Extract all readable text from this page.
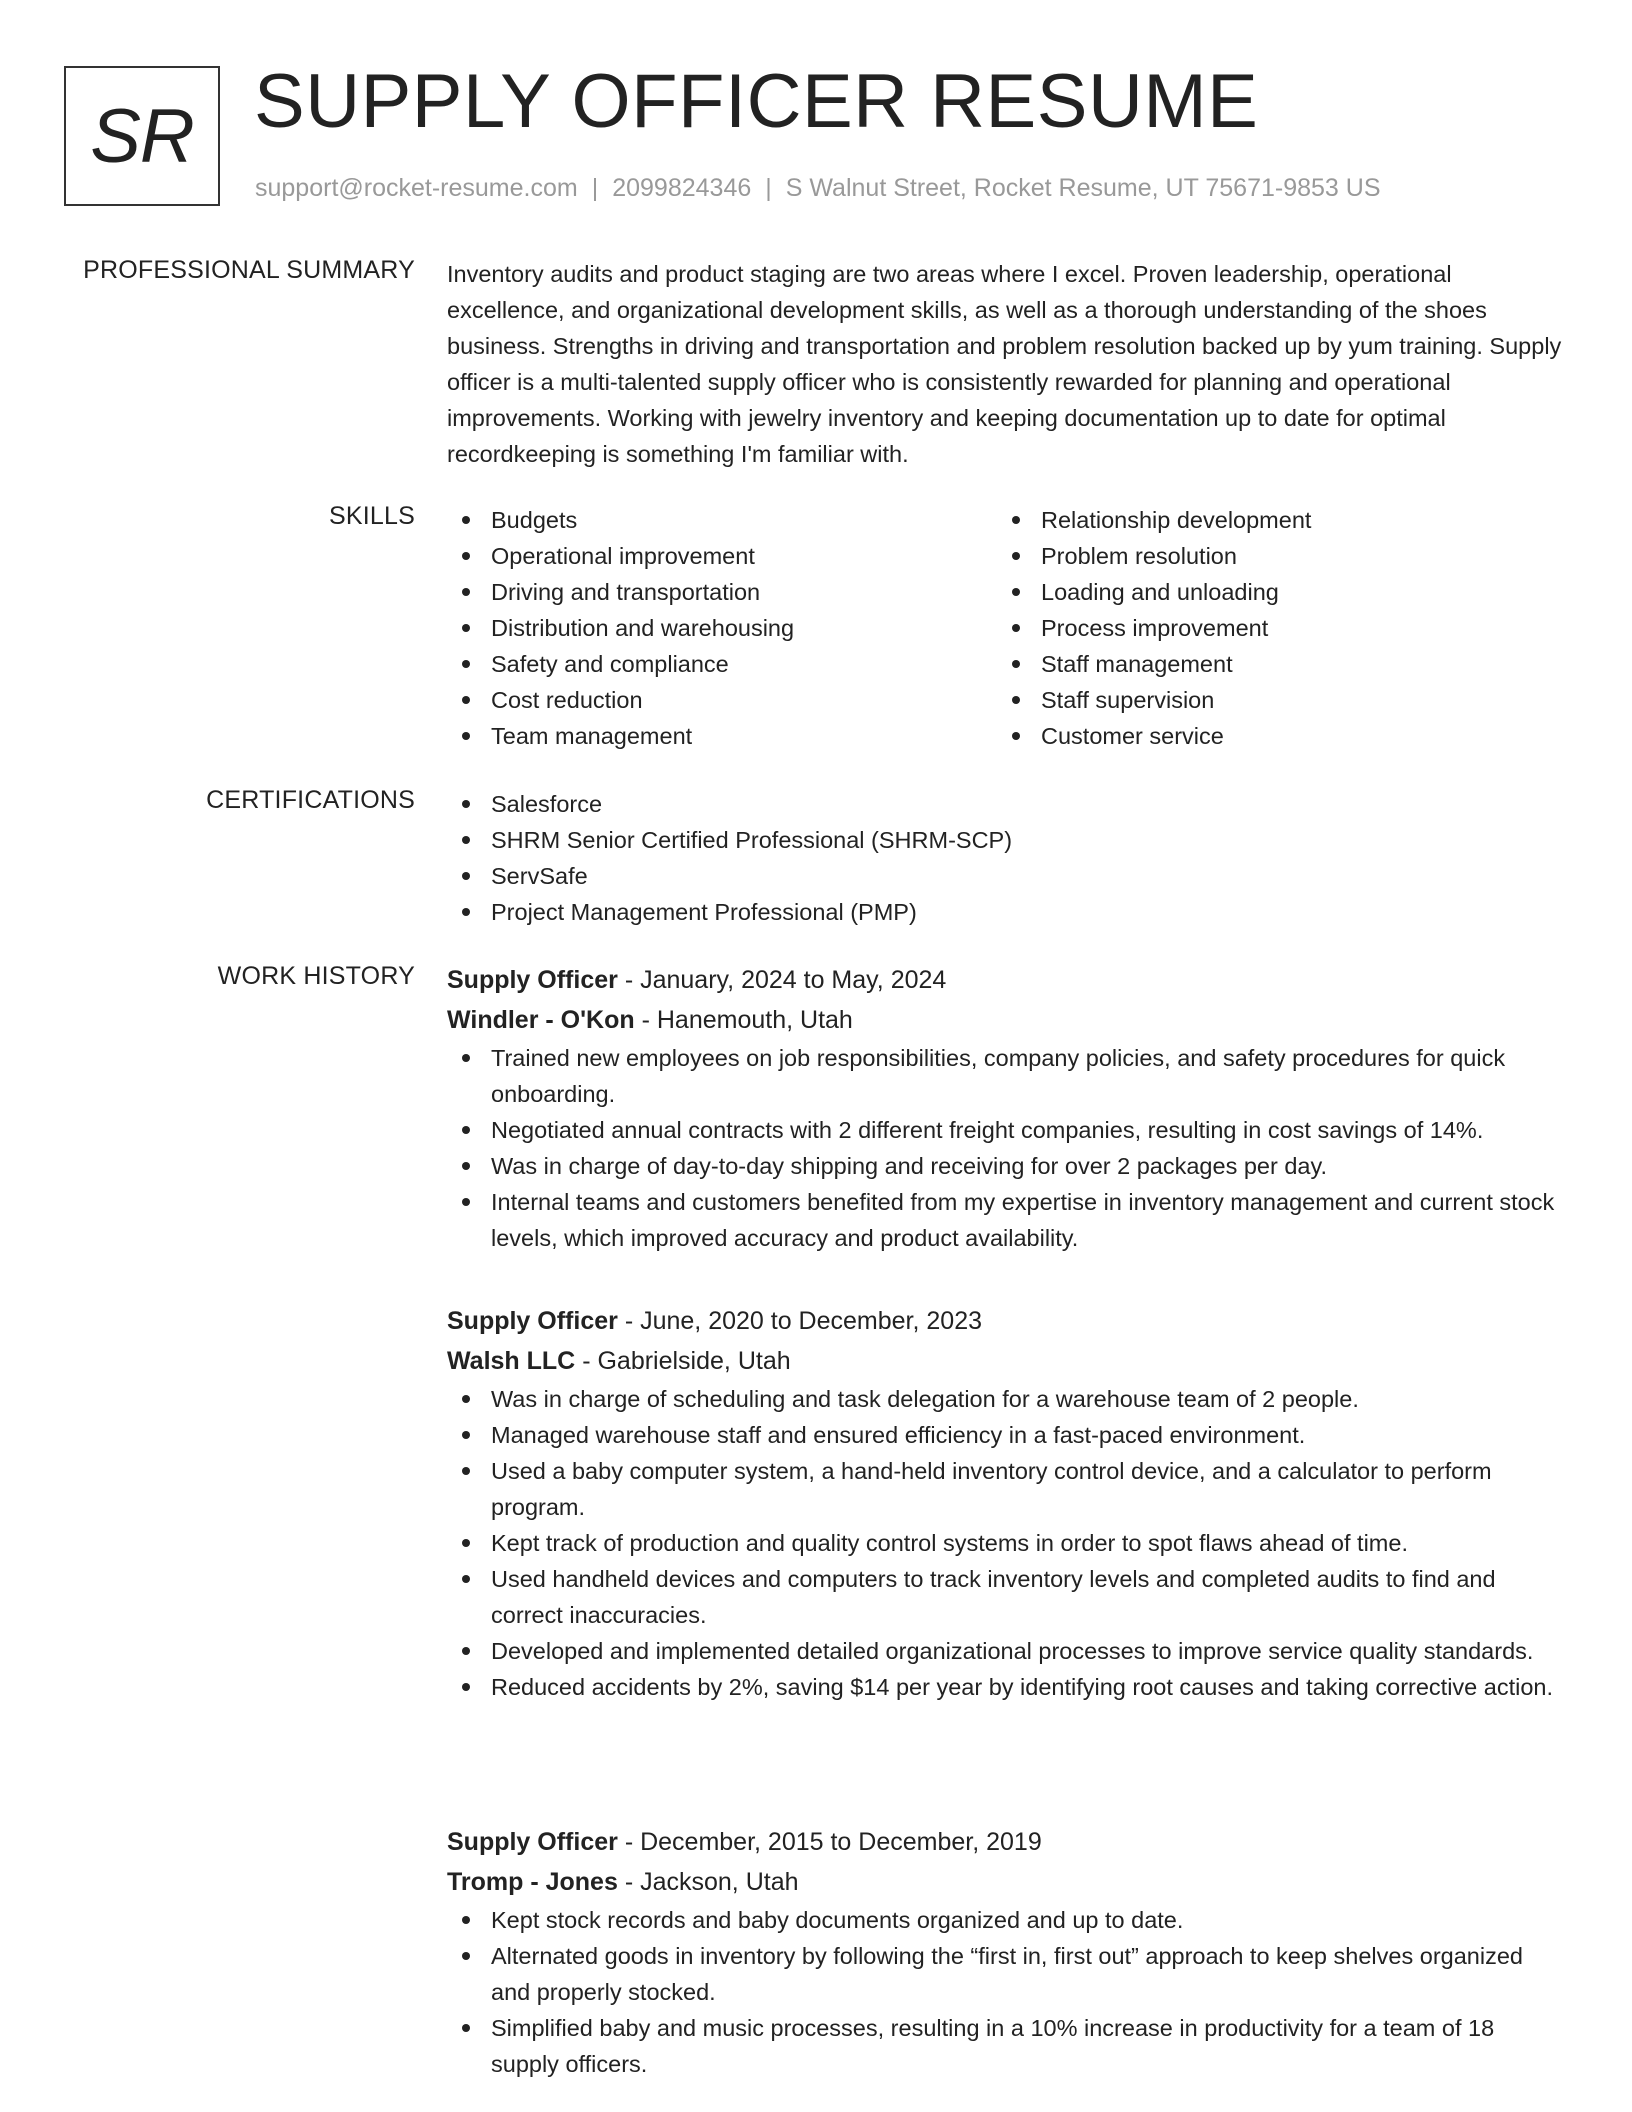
SR SUPPLY OFFICER RESUME
support@rocket-resume.com | 2099824346 | S Walnut Street, Rocket Resume, UT 75671-9853 US
PROFESSIONAL SUMMARY Inventory audits and product staging are two areas where I excel. Proven leadership, operational excellence, and organizational development skills, as well as a thorough understanding of the shoes business. Strengths in driving and transportation and problem resolution backed up by yum training. Supply officer is a multi-talented supply officer who is consistently rewarded for planning and operational improvements. Working with jewelry inventory and keeping documentation up to date for optimal recordkeeping is something I'm familiar with.

SKILLS	Budgets
Operational improvement
Driving and transportation
Distribution and warehousing
Safety and compliance
Cost reduction
Team management
Relationship development
Problem resolution
Loading and unloading
Process improvement
Staff management
Staff supervision
Customer service
CERTIFICATIONS	Salesforce
SHRM Senior Certified Professional (SHRM-SCP)
ServSafe
Project Management Professional (PMP)
WORK HISTORY Supply Officer - January, 2024 to May, 2024
Windler - O'Kon - Hanemouth, Utah
Trained new employees on job responsibilities, company policies, and safety procedures for quick onboarding.
Negotiated annual contracts with 2 different freight companies, resulting in cost savings of 14%.
Was in charge of day-to-day shipping and receiving for over 2 packages per day.
Internal teams and customers benefited from my expertise in inventory management and current stock levels, which improved accuracy and product availability.
Supply Officer - June, 2020 to December, 2023
Walsh LLC - Gabrielside, Utah
Was in charge of scheduling and task delegation for a warehouse team of 2 people.
Managed warehouse staff and ensured efficiency in a fast-paced environment.
Used a baby computer system, a hand-held inventory control device, and a calculator to perform program.
Kept track of production and quality control systems in order to spot flaws ahead of time.
Used handheld devices and computers to track inventory levels and completed audits to find and correct inaccuracies.
Developed and implemented detailed organizational processes to improve service quality standards.
Reduced accidents by 2%, saving $14 per year by identifying root causes and taking corrective action.
Supply Officer - December, 2015 to December, 2019
Tromp - Jones - Jackson, Utah
Kept stock records and baby documents organized and up to date.
Alternated goods in inventory by following the “first in, first out” approach to keep shelves organized and properly stocked.
Simplified baby and music processes, resulting in a 10% increase in productivity for a team of 18 supply officers.
